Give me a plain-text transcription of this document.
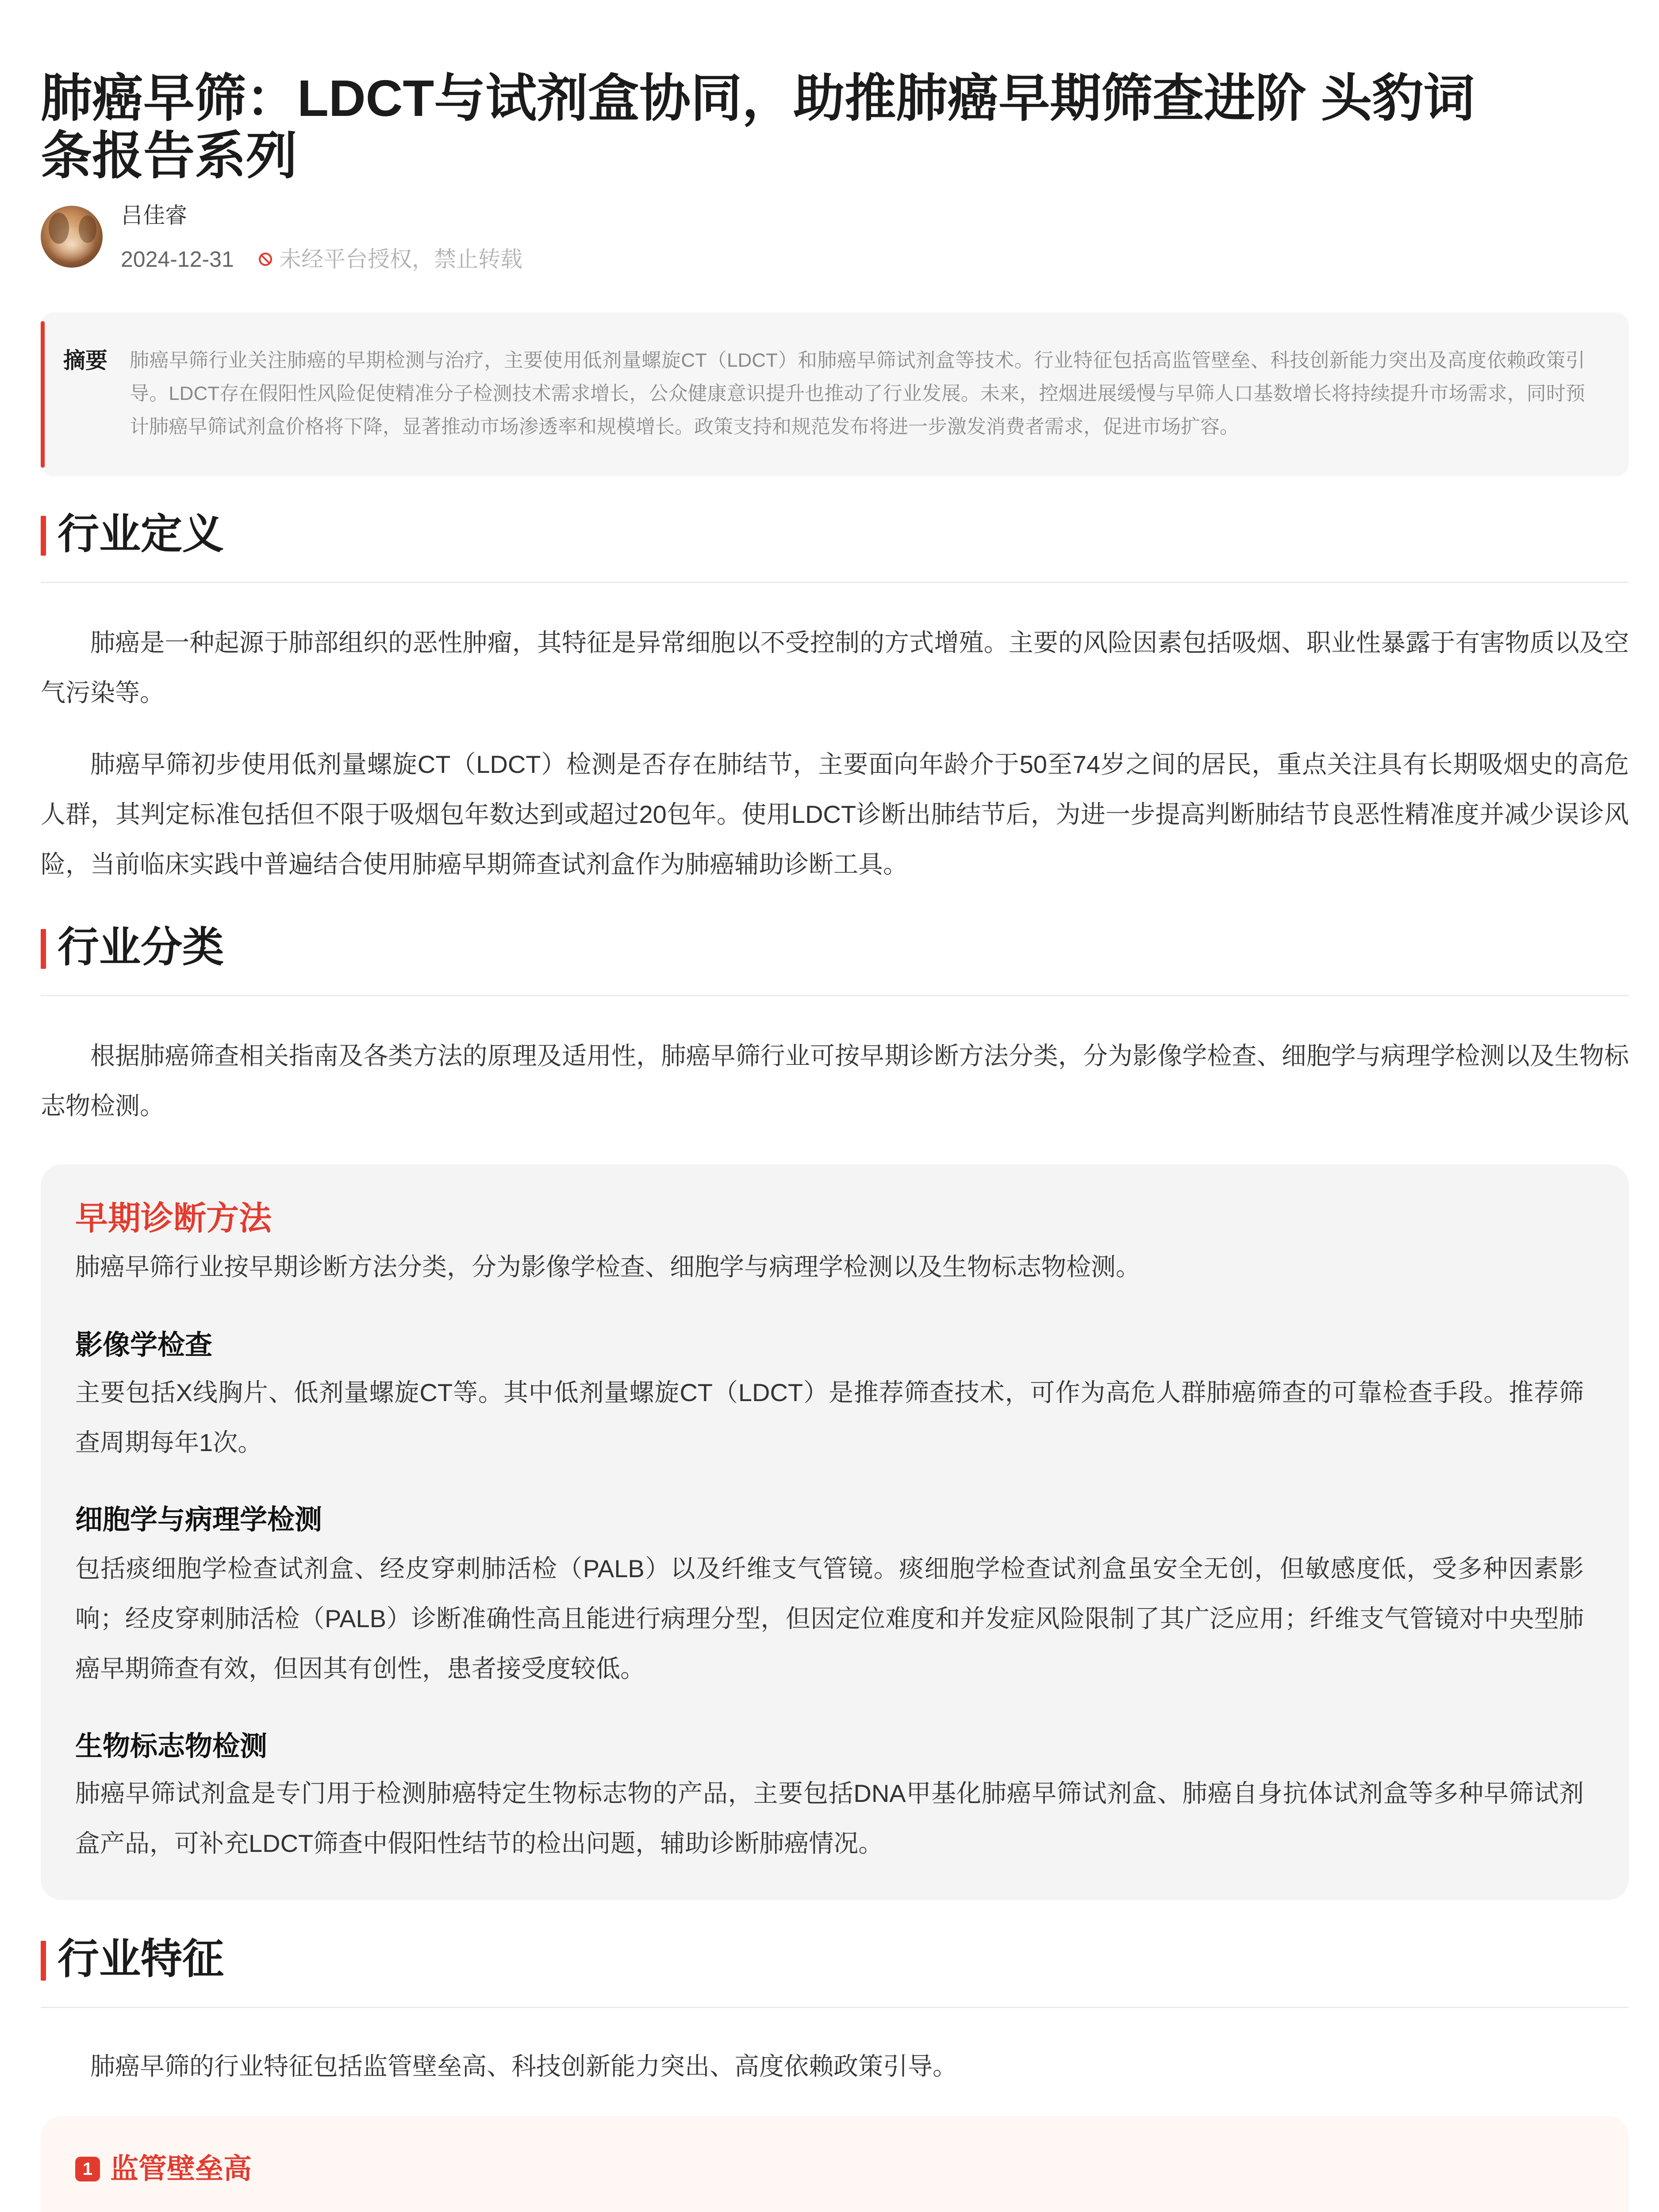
肺癌早筛：LDCT与试剂盒协同，助推肺癌早期筛查进阶 头豹词条报告系列
吕佳睿
2024-12-31 未经平台授权，禁止转载
摘要 肺癌早筛行业关注肺癌的早期检测与治疗，主要使用低剂量螺旋CT（LDCT）和肺癌早筛试剂盒等技术。行业特征包括高监管壁垒、科技创新能力突出及高度依赖政策引导。LDCT存在假阳性风险促使精准分子检测技术需求增长，公众健康意识提升也推动了行业发展。未来，控烟进展缓慢与早筛人口基数增长将持续提升市场需求，同时预计肺癌早筛试剂盒价格将下降，显著推动市场渗透率和规模增长。政策支持和规范发布将进一步激发消费者需求，促进市场扩容。
行业定义
肺癌是一种起源于肺部组织的恶性肿瘤，其特征是异常细胞以不受控制的方式增殖。主要的风险因素包括吸烟、职业性暴露于有害物质以及空气污染等。
肺癌早筛初步使用低剂量螺旋CT（LDCT）检测是否存在肺结节，主要面向年龄介于50至74岁之间的居民，重点关注具有长期吸烟史的高危人群，其判定标准包括但不限于吸烟包年数达到或超过20包年。使用LDCT诊断出肺结节后，为进一步提高判断肺结节良恶性精准度并减少误诊风险，当前临床实践中普遍结合使用肺癌早期筛查试剂盒作为肺癌辅助诊断工具。
行业分类
根据肺癌筛查相关指南及各类方法的原理及适用性，肺癌早筛行业可按早期诊断方法分类，分为影像学检查、细胞学与病理学检测以及生物标志物检测。
早期诊断方法
肺癌早筛行业按早期诊断方法分类，分为影像学检查、细胞学与病理学检测以及生物标志物检测。
影像学检查
主要包括X线胸片、低剂量螺旋CT等。其中低剂量螺旋CT（LDCT）是推荐筛查技术，可作为高危人群肺癌筛查的可靠检查手段。推荐筛查周期每年1次。
细胞学与病理学检测
包括痰细胞学检查试剂盒、经皮穿刺肺活检（PALB）以及纤维支气管镜。痰细胞学检查试剂盒虽安全无创，但敏感度低，受多种因素影响；经皮穿刺肺活检（PALB）诊断准确性高且能进行病理分型，但因定位难度和并发症风险限制了其广泛应用；纤维支气管镜对中央型肺癌早期筛查有效，但因其有创性，患者接受度较低。
生物标志物检测
肺癌早筛试剂盒是专门用于检测肺癌特定生物标志物的产品，主要包括DNA甲基化肺癌早筛试剂盒、肺癌自身抗体试剂盒等多种早筛试剂盒产品，可补充LDCT筛查中假阳性结节的检出问题，辅助诊断肺癌情况。
行业特征
肺癌早筛的行业特征包括监管壁垒高、科技创新能力突出、高度依赖政策引导。
1 监管壁垒高
